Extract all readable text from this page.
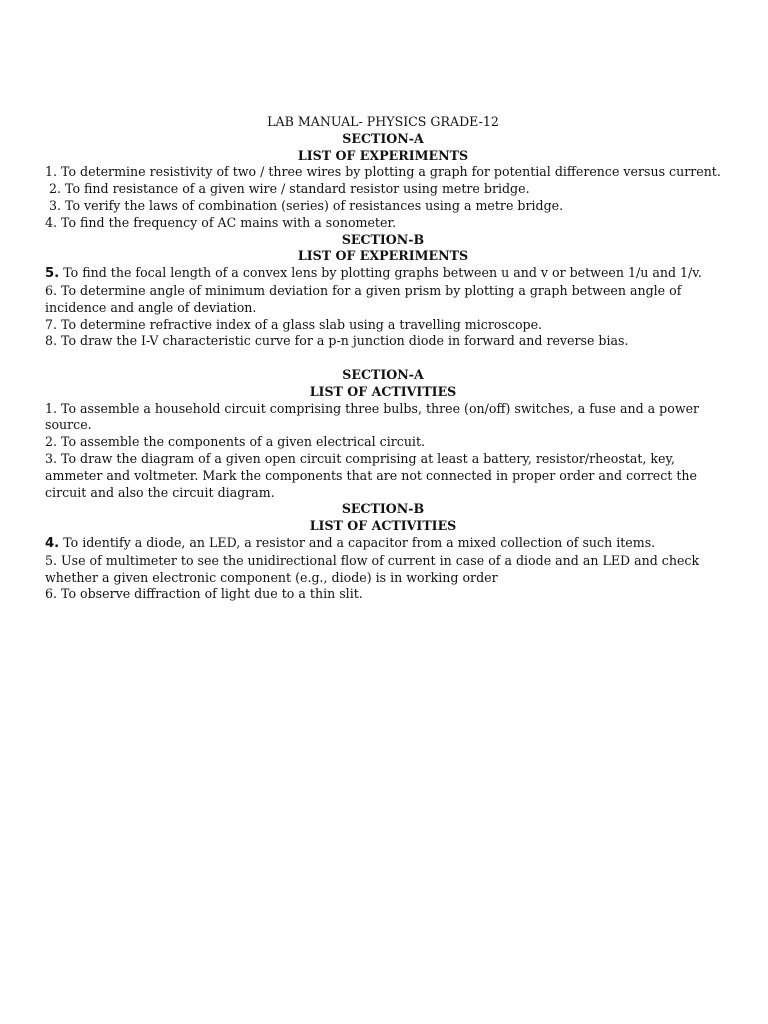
LAB MANUAL- PHYSICS GRADE-12
SECTION-A
LIST OF EXPERIMENTS

1. To determine resistivity of two / three wires by plotting a graph for potential difference versus current.

2. To find resistance of a given wire / standard resistor using metre bridge.

3. To verify the laws of combination (series) of resistances using a metre bridge.

4. To find the frequency of AC mains with a sonometer.

SECTION-B
LIST OF EXPERIMENTS

5. To find the focal length of a convex lens by plotting graphs between u and v or between 1/u and 1/v.

6. To determine angle of minimum deviation for a given prism by plotting a graph between angle of incidence and angle of deviation.

7. To determine refractive index of a glass slab using a travelling microscope.

8. To draw the I-V characteristic curve for a p-n junction diode in forward and reverse bias.

SECTION-A
LIST OF ACTIVITIES

1. To assemble a household circuit comprising three bulbs, three (on/off) switches, a fuse and a power source.

2. To assemble the components of a given electrical circuit.

3. To draw the diagram of a given open circuit comprising at least a battery, resistor/rheostat, key, ammeter and voltmeter. Mark the components that are not connected in proper order and correct the circuit and also the circuit diagram.

SECTION-B
LIST OF ACTIVITIES

4. To identify a diode, an LED, a resistor and a capacitor from a mixed collection of such items.

5. Use of multimeter to see the unidirectional flow of current in case of a diode and an LED and check whether a given electronic component (e.g., diode) is in working order

6. To observe diffraction of light due to a thin slit.
